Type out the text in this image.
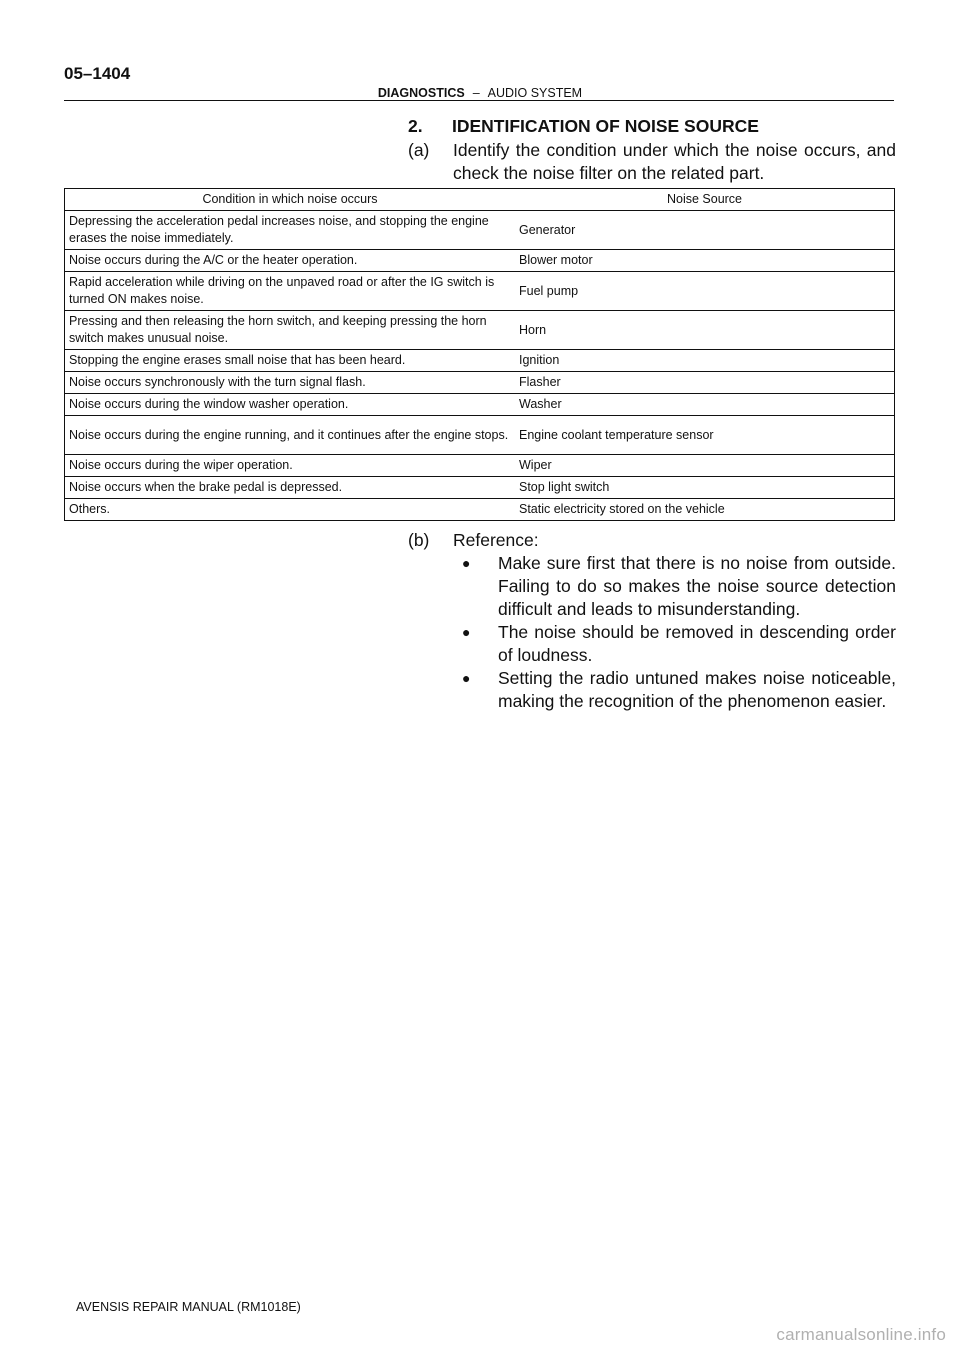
05–1404
DIAGNOSTICS – AUDIO SYSTEM
2. IDENTIFICATION OF NOISE SOURCE
(a) Identify the condition under which the noise occurs, and check the noise filter on the related part.
Condition in which noise occurs	Noise Source
Depressing the acceleration pedal increases noise, and stopping the engine erases the noise immediately.	Generator
Noise occurs during the A/C or the heater operation.	Blower motor
Rapid acceleration while driving on the unpaved road or after the IG switch is turned ON makes noise.	Fuel pump
Pressing and then releasing the horn switch, and keeping pressing the horn switch makes unusual noise.	Horn
Stopping the engine erases small noise that has been heard.	Ignition
Noise occurs synchronously with the turn signal flash.	Flasher
Noise occurs during the window washer operation.	Washer
Noise occurs during the engine running, and it continues after the engine stops.	Engine coolant temperature sensor
Noise occurs during the wiper operation.	Wiper
Noise occurs when the brake pedal is depressed.	Stop light switch
Others.	Static electricity stored on the vehicle
(b) Reference:
● Make sure first that there is no noise from outside. Failing to do so makes the noise source detection difficult and leads to misunderstanding.
● The noise should be removed in descending order of loudness.
● Setting the radio untuned makes noise noticeable, making the recognition of the phenomenon easier.
AVENSIS REPAIR MANUAL (RM1018E)
carmanualsonline.info
